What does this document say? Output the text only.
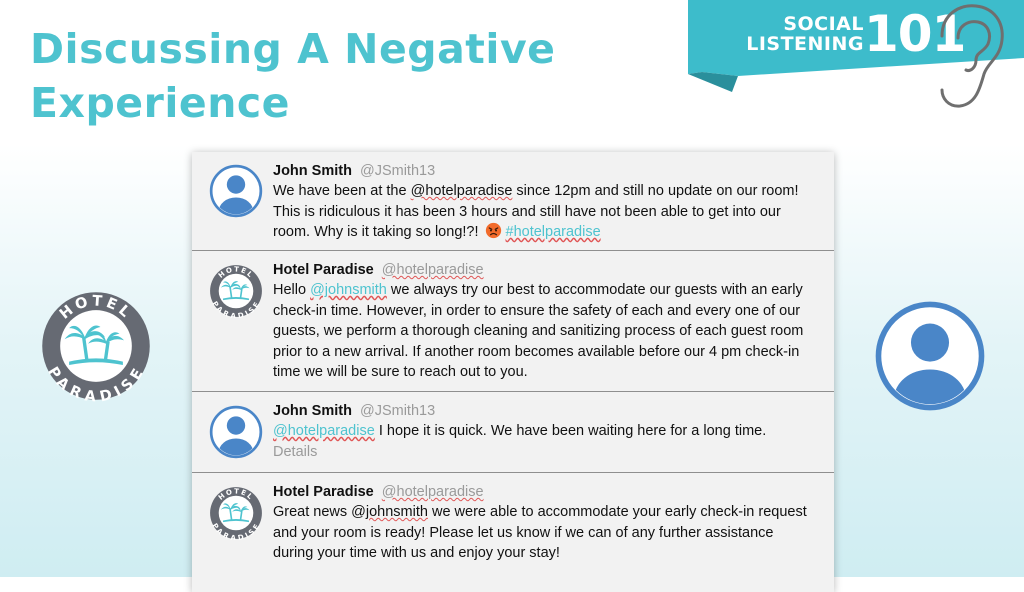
Discussing A Negative
Experience
SOCIAL
LISTENING 101
John Smith @JSmith13
We have been at the @hotelparadise since 12pm and still no update on our room! This is ridiculous it has been 3 hours and still have not been able to get into our room. Why is it taking so long!?! #hotelparadise
Hotel Paradise @hotelparadise
Hello @johnsmith we always try our best to accommodate our guests with an early check-in time. However, in order to ensure the safety of each and every one of our guests, we perform a thorough cleaning and sanitizing process of each guest room prior to a new arrival. If another room becomes available before our 4 pm check-in time we will be sure to reach out to you.
John Smith @JSmith13
@hotelparadise I hope it is quick. We have been waiting here for a long time.
Details
Hotel Paradise @hotelparadise
Great news @johnsmith we were able to accommodate your early check-in request and your room is ready! Please let us know if we can of any further assistance during your time with us and enjoy your stay!
